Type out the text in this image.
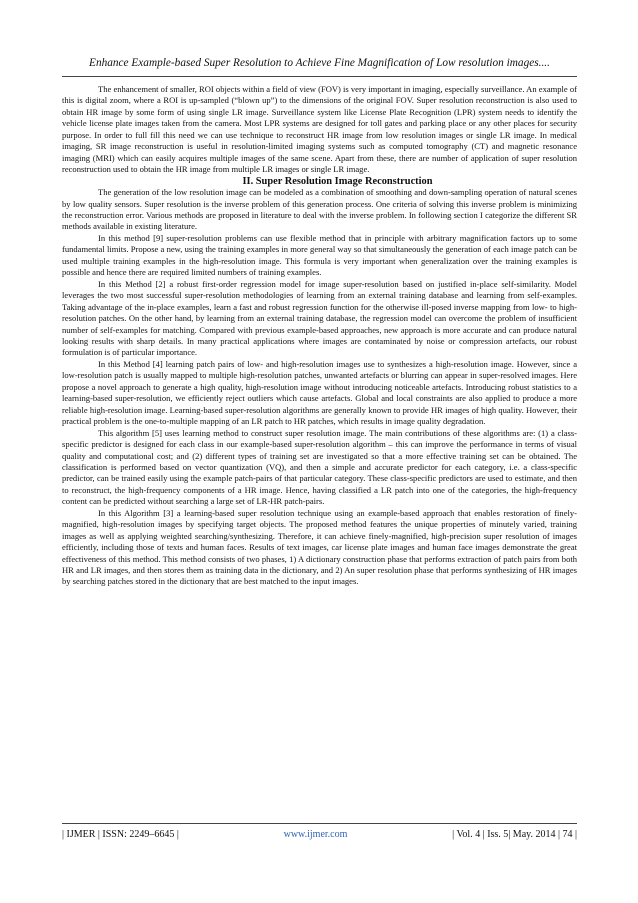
Enhance Example-based Super Resolution to Achieve Fine Magnification of Low resolution images....

The enhancement of smaller, ROI objects within a field of view (FOV) is very important in imaging, especially surveillance. An example of this is digital zoom, where a ROI is up-sampled (“blown up”) to the dimensions of the original FOV. Super resolution reconstruction is also used to obtain HR image by some form of using single LR image. Surveillance system like License Plate Recognition (LPR) system needs to identify the vehicle license plate images taken from the camera. Most LPR systems are designed for toll gates and parking place or any other places for security purpose. In order to full fill this need we can use technique to reconstruct HR image from low resolution images or single LR image. In medical imaging, SR image reconstruction is useful in resolution-limited imaging systems such as computed tomography (CT) and magnetic resonance imaging (MRI) which can easily acquires multiple images of the same scene. Apart from these, there are number of application of super resolution reconstruction used to obtain the HR image from multiple LR images or single LR image.

II. Super Resolution Image Reconstruction

The generation of the low resolution image can be modeled as a combination of smoothing and down-sampling operation of natural scenes by low quality sensors. Super resolution is the inverse problem of this generation process. One criteria of solving this inverse problem is minimizing the reconstruction error. Various methods are proposed in literature to deal with the inverse problem. In following section I categorize the different SR methods available in existing literature.

In this method [9] super-resolution problems can use flexible method that in principle with arbitrary magnification factors up to some fundamental limits. Propose a new, using the training examples in more general way so that simultaneously the generation of each image patch can be used multiple training examples in the high-resolution image. This formula is very important when generalization over the training examples is possible and hence there are required limited numbers of training examples.

In this Method [2] a robust first-order regression model for image super-resolution based on justified in-place self-similarity. Model leverages the two most successful super-resolution methodologies of learning from an external training database and learning from self-examples. Taking advantage of the in-place examples, learn a fast and robust regression function for the otherwise ill-posed inverse mapping from low- to high-resolution patches. On the other hand, by learning from an external training database, the regression model can overcome the problem of insufficient number of self-examples for matching. Compared with previous example-based approaches, new approach is more accurate and can produce natural looking results with sharp details. In many practical applications where images are contaminated by noise or compression artefacts, our robust formulation is of particular importance.

In this Method [4] learning patch pairs of low- and high-resolution images use to synthesizes a high-resolution image. However, since a low-resolution patch is usually mapped to multiple high-resolution patches, unwanted artefacts or blurring can appear in super-resolved images. Here propose a novel approach to generate a high quality, high-resolution image without introducing noticeable artefacts. Introducing robust statistics to a learning-based super-resolution, we efficiently reject outliers which cause artefacts. Global and local constraints are also applied to produce a more reliable high-resolution image. Learning-based super-resolution algorithms are generally known to provide HR images of high quality. However, their practical problem is the one-to-multiple mapping of an LR patch to HR patches, which results in image quality degradation.

This algorithm [5] uses learning method to construct super resolution image. The main contributions of these algorithms are: (1) a class-specific predictor is designed for each class in our example-based super-resolution algorithm – this can improve the performance in terms of visual quality and computational cost; and (2) different types of training set are investigated so that a more effective training set can be obtained. The classification is performed based on vector quantization (VQ), and then a simple and accurate predictor for each category, i.e. a class-specific predictor, can be trained easily using the example patch-pairs of that particular category. These class-specific predictors are used to estimate, and then to reconstruct, the high-frequency components of a HR image. Hence, having classified a LR patch into one of the categories, the high-frequency content can be predicted without searching a large set of LR-HR patch-pairs.

In this Algorithm [3] a learning-based super resolution technique using an example-based approach that enables restoration of finely-magnified, high-resolution images by specifying target objects. The proposed method features the unique properties of minutely varied, training images as well as applying weighted searching/synthesizing. Therefore, it can achieve finely-magnified, high-precision super resolution of images efficiently, including those of texts and human faces. Results of text images, car license plate images and human face images demonstrate the great effectiveness of this method. This method consists of two phases, 1) A dictionary construction phase that performs extraction of patch pairs from both HR and LR images, and then stores them as training data in the dictionary, and 2) An super resolution phase that performs synthesizing of HR images by searching patches stored in the dictionary that are best matched to the input images.

| IJMER | ISSN: 2249–6645 |	www.ijmer.com	| Vol. 4 | Iss. 5| May. 2014 | 74 |
